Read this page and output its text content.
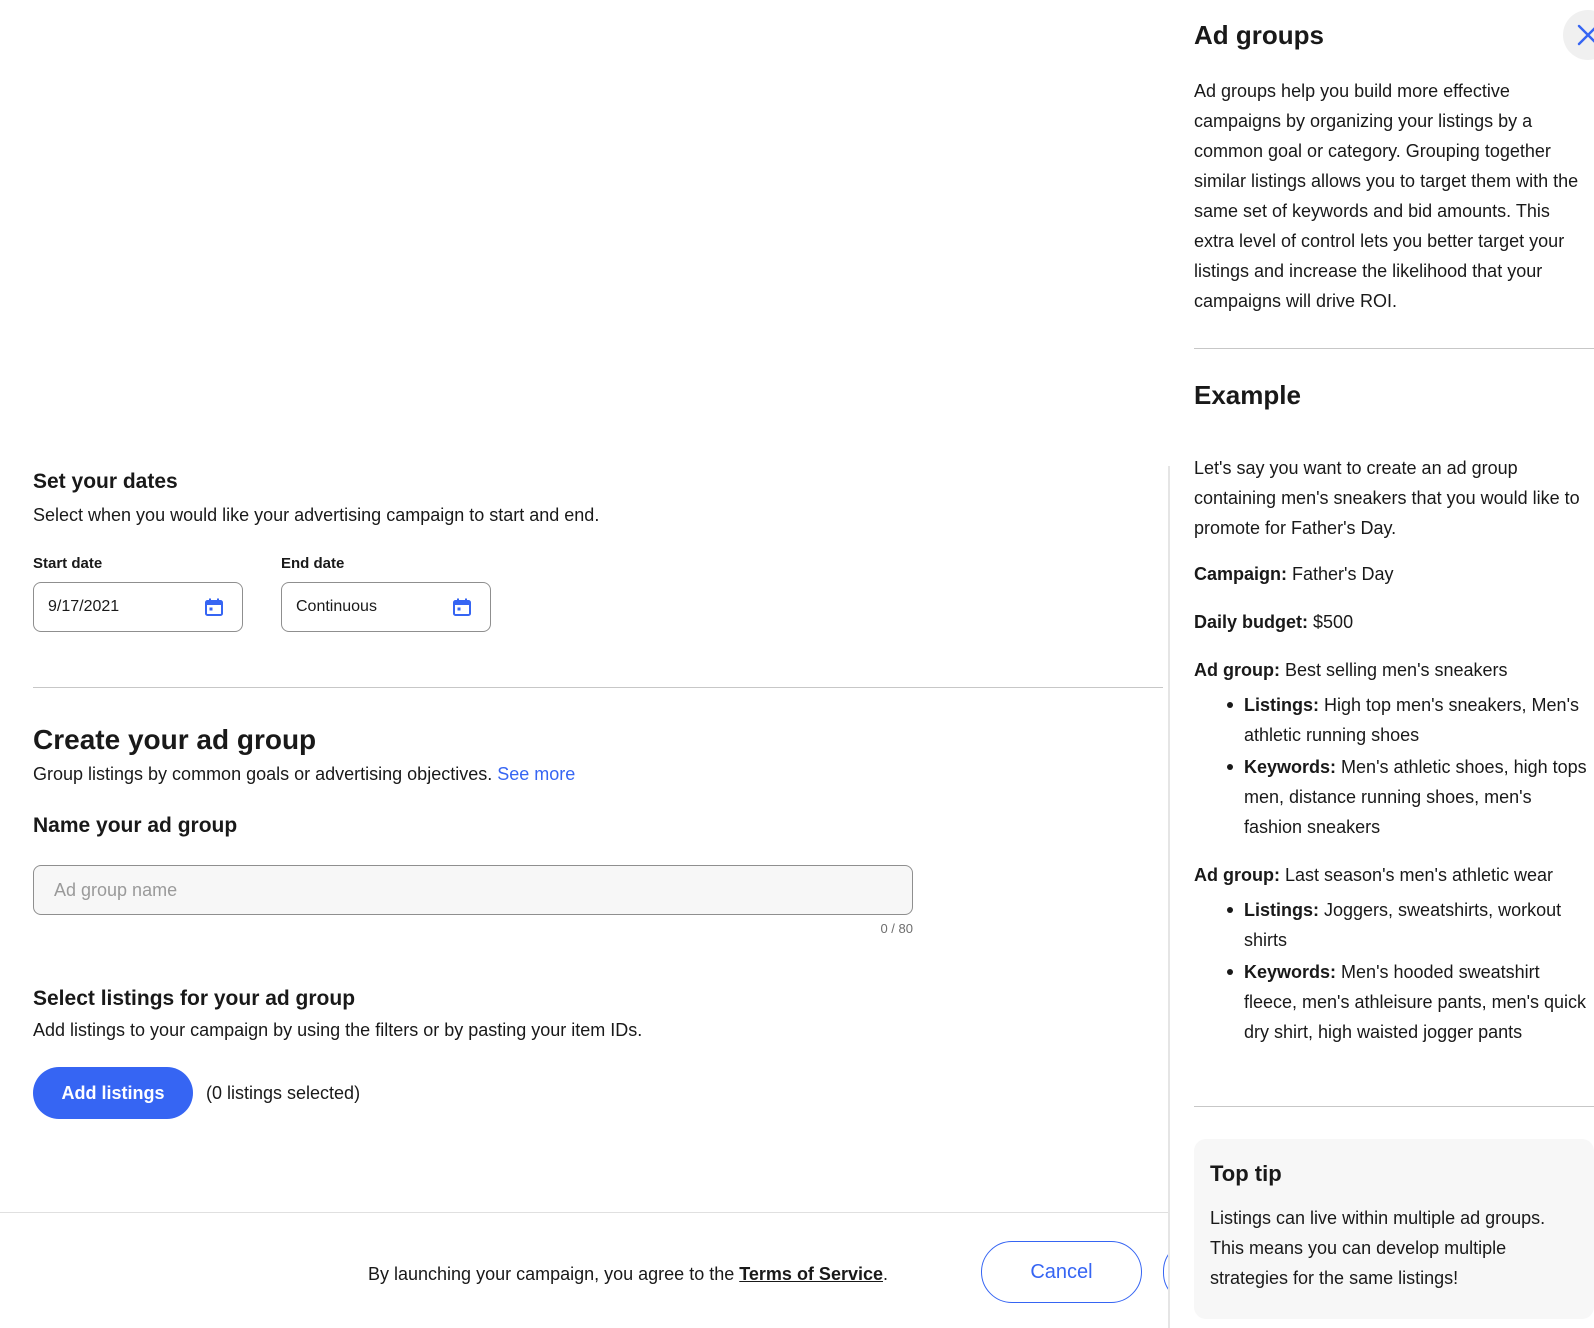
Set your dates

Select when you would like your advertising campaign to start and end.

Start date
9/17/2021
End date
Continuous
Create your ad group

Group listings by common goals or advertising objectives. See more

Name your ad group
Ad group name
0 / 80
Select listings for your ad group

Add listings to your campaign by using the filters or by pasting your item IDs.

Add listings	(0 listings selected)

By launching your campaign, you agree to the Terms of Service.	Cancel
Ad groups

Ad groups help you build more effective campaigns by organizing your listings by a common goal or category. Grouping together similar listings allows you to target them with the same set of keywords and bid amounts. This extra level of control lets you better target your listings and increase the likelihood that your campaigns will drive ROI.

Example

Let's say you want to create an ad group containing men's sneakers that you would like to promote for Father's Day.

Campaign: Father's Day

Daily budget: $500

Ad group: Best selling men's sneakers

Listings: High top men's sneakers, Men's athletic running shoes
Keywords: Men's athletic shoes, high tops men, distance running shoes, men's fashion sneakers

Ad group: Last season's men's athletic wear

Listings: Joggers, sweatshirts, workout shirts
Keywords: Men's hooded sweatshirt fleece, men's athleisure pants, men's quick dry shirt, high waisted jogger pants
Top tip

Listings can live within multiple ad groups. This means you can develop multiple strategies for the same listings!
